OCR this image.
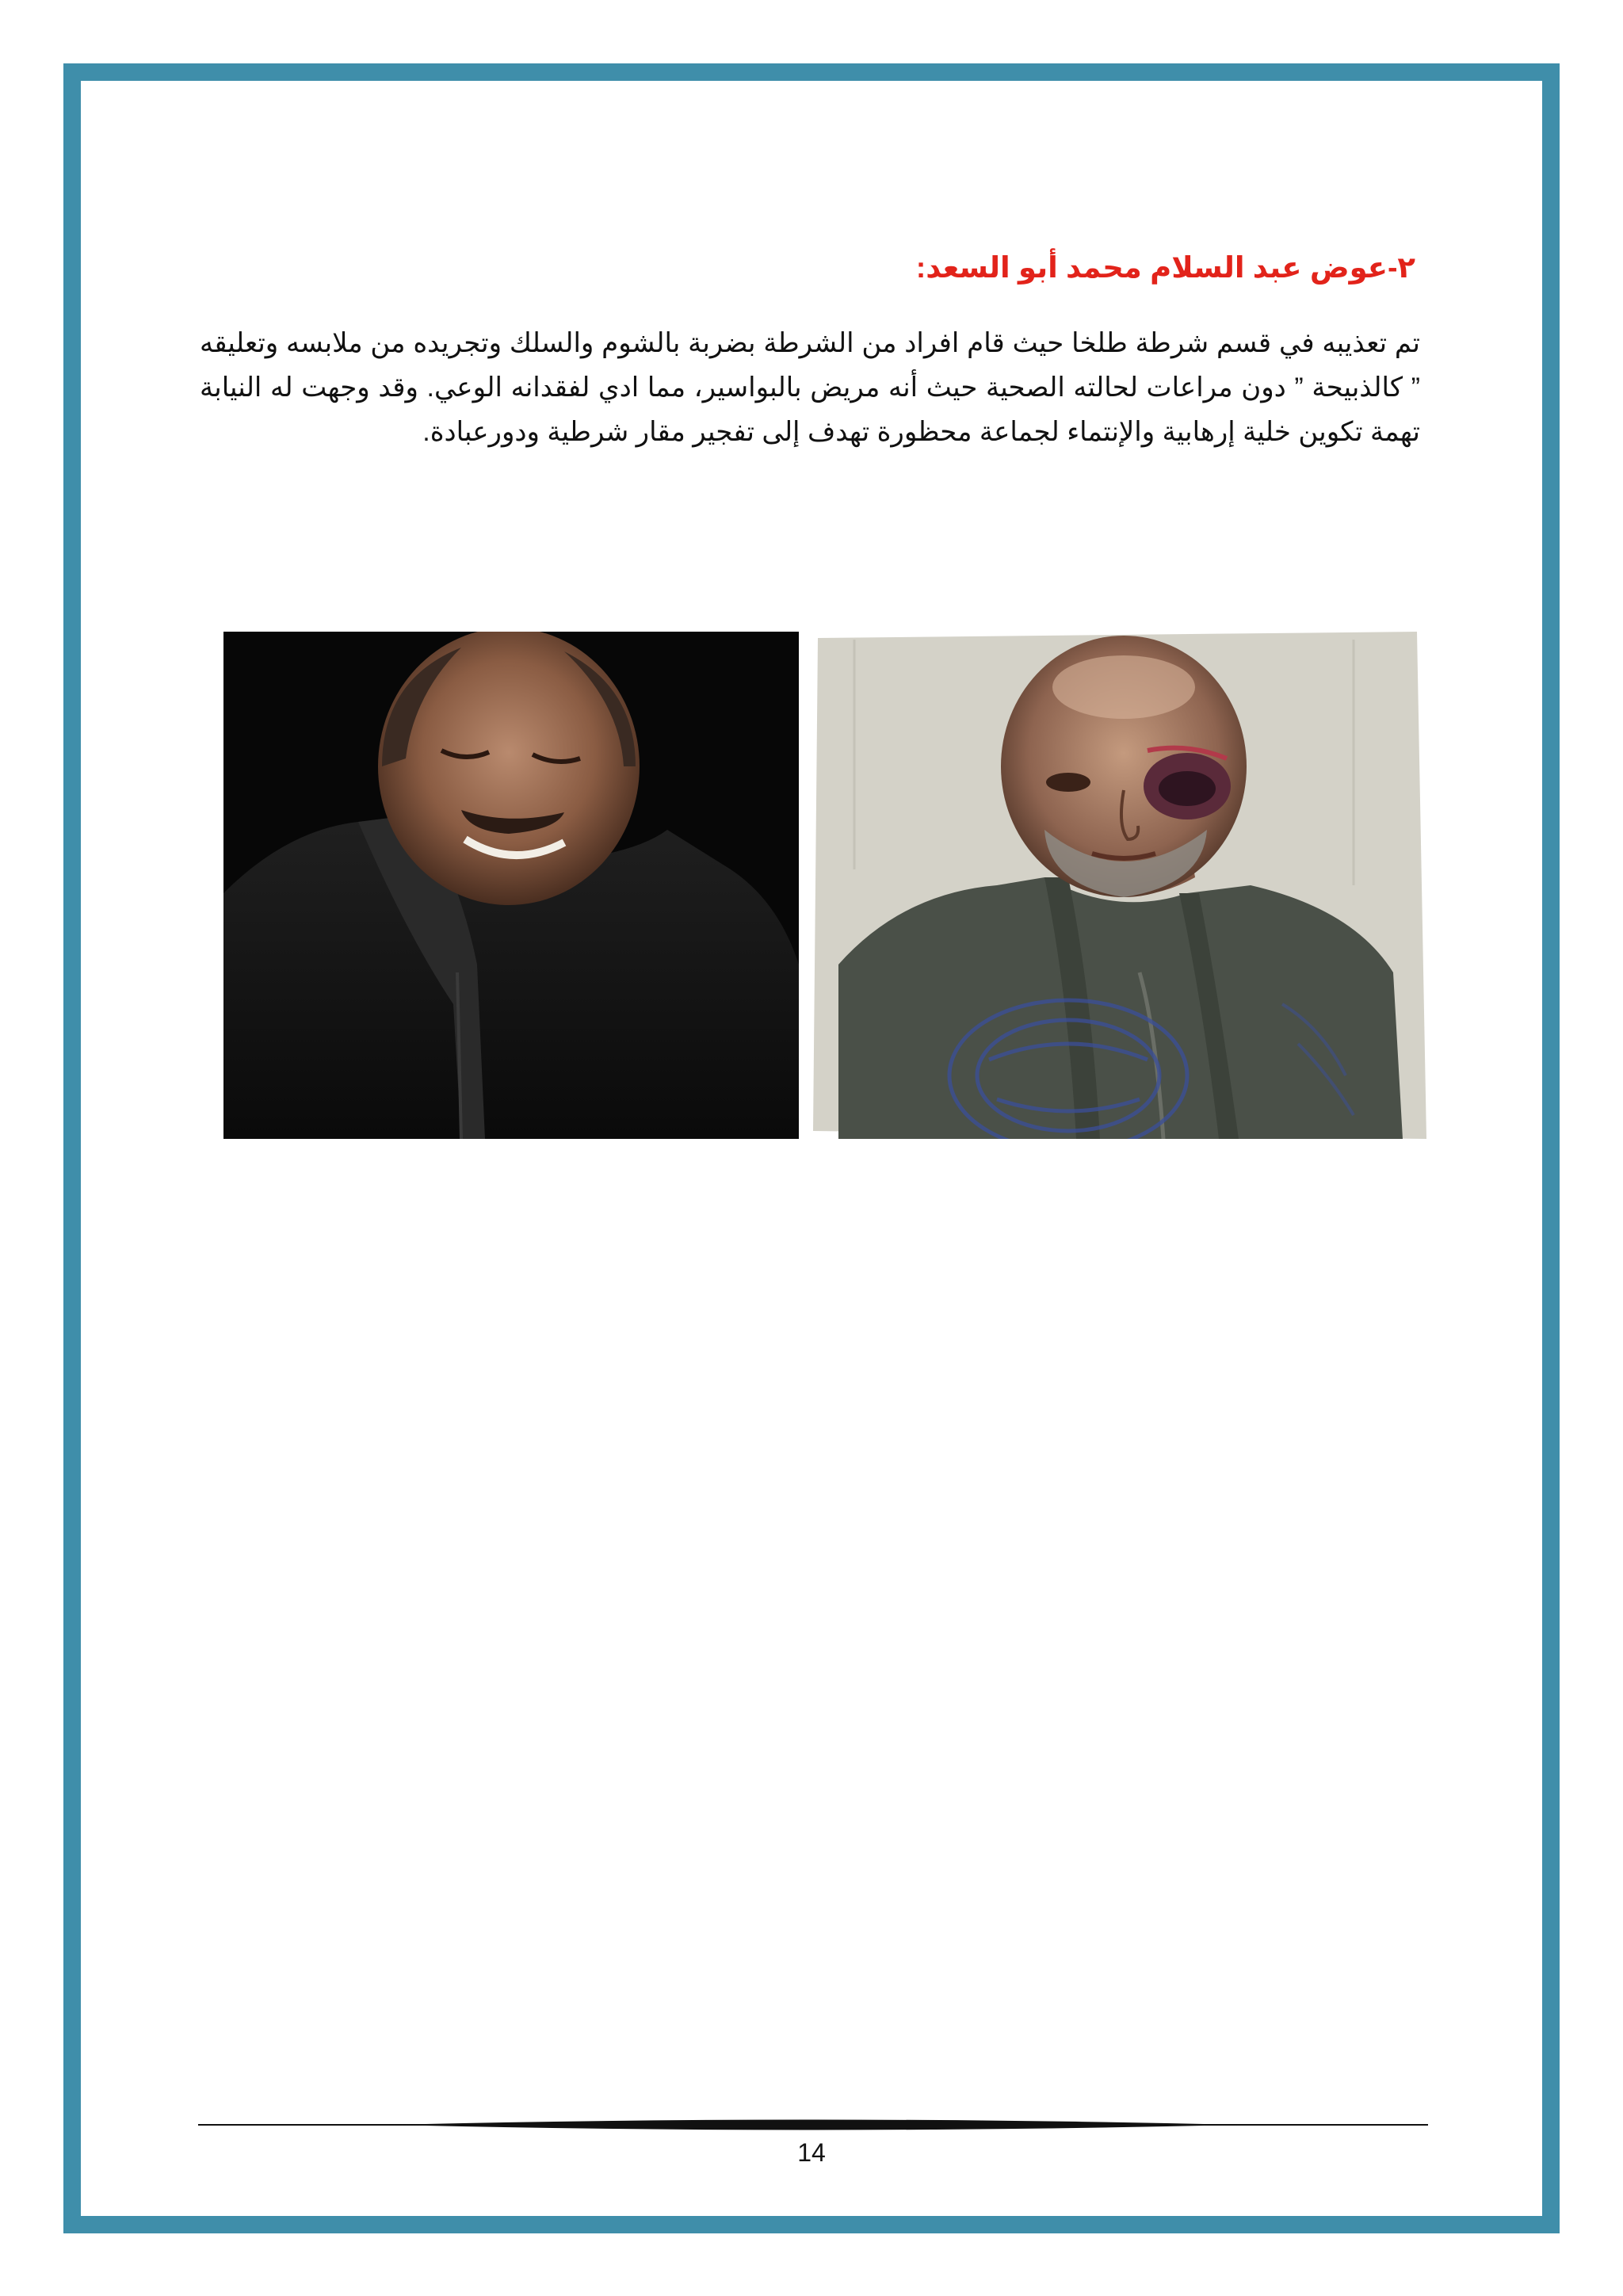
٢-عوض عبد السلام محمد أبو السعد:

تم تعذيبه في قسم شرطة طلخا حيث قام افراد من الشرطة بضربة بالشوم والسلك وتجريده من ملابسه وتعليقه ” كالذبيحة ” دون مراعات لحالته الصحية حيث أنه مريض بالبواسير، مما ادي لفقدانه الوعي. وقد وجهت له النيابة تهمة تكوين خلية إرهابية والإنتماء لجماعة محظورة تهدف إلى تفجير مقار شرطية ودورعبادة.

14
